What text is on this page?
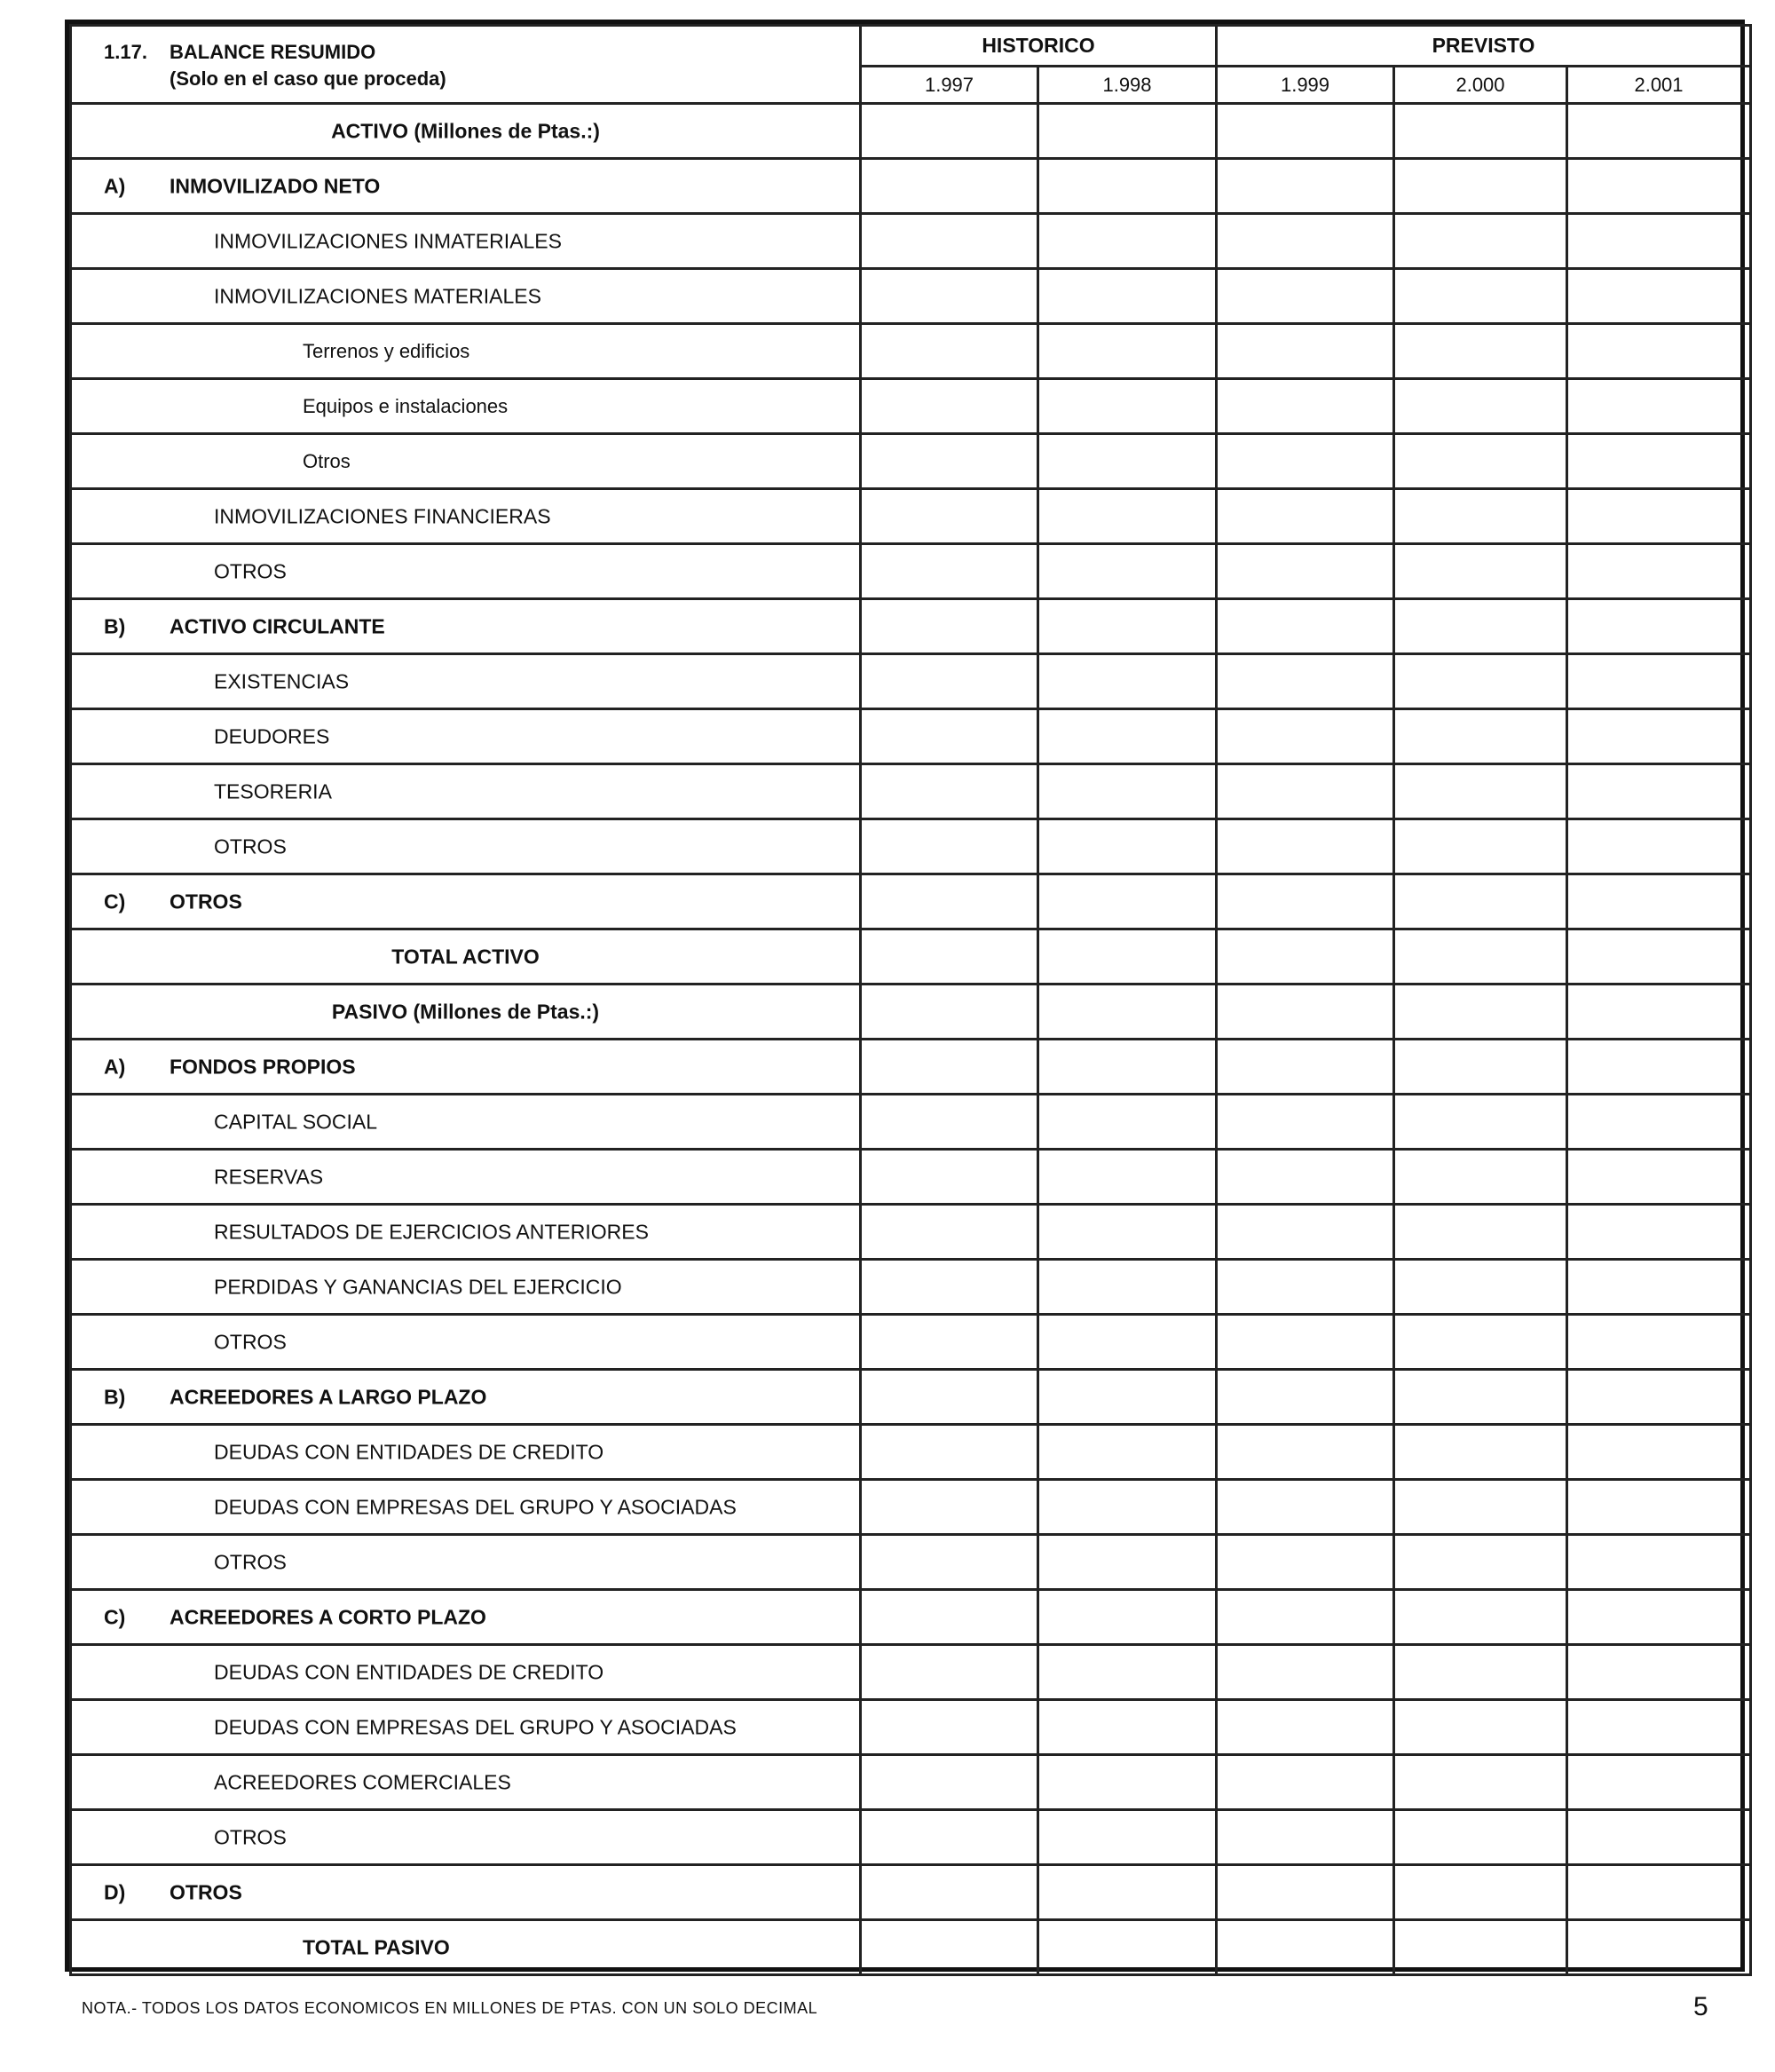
1.17. BALANCE RESUMIDO
(Solo en el caso que proceda)	HISTORICO		PREVISTO		
	1.997	1.998	1.999	2.000	2.001

ACTIVO (Millones de Ptas.:)					

A) INMOVILIZADO NETO					

INMOVILIZACIONES INMATERIALES					

INMOVILIZACIONES MATERIALES					

Terrenos y edificios					

Equipos e instalaciones					

Otros					

INMOVILIZACIONES FINANCIERAS					

OTROS					

B) ACTIVO CIRCULANTE					

EXISTENCIAS					

DEUDORES					

TESORERIA					

OTROS					

C) OTROS					

TOTAL ACTIVO					

PASIVO (Millones de Ptas.:)					

A) FONDOS PROPIOS					

CAPITAL SOCIAL					

RESERVAS					

RESULTADOS DE EJERCICIOS ANTERIORES					

PERDIDAS Y GANANCIAS DEL EJERCICIO					

OTROS					

B) ACREEDORES A LARGO PLAZO					

DEUDAS CON ENTIDADES DE CREDITO					

DEUDAS CON EMPRESAS DEL GRUPO Y ASOCIADAS					

OTROS					

C) ACREEDORES A CORTO PLAZO					

DEUDAS CON ENTIDADES DE CREDITO					

DEUDAS CON EMPRESAS DEL GRUPO Y ASOCIADAS					

ACREEDORES COMERCIALES					

OTROS					

D) OTROS					

TOTAL PASIVO					

NOTA.- TODOS LOS DATOS ECONOMICOS EN MILLONES DE PTAS. CON UN SOLO DECIMAL	5
